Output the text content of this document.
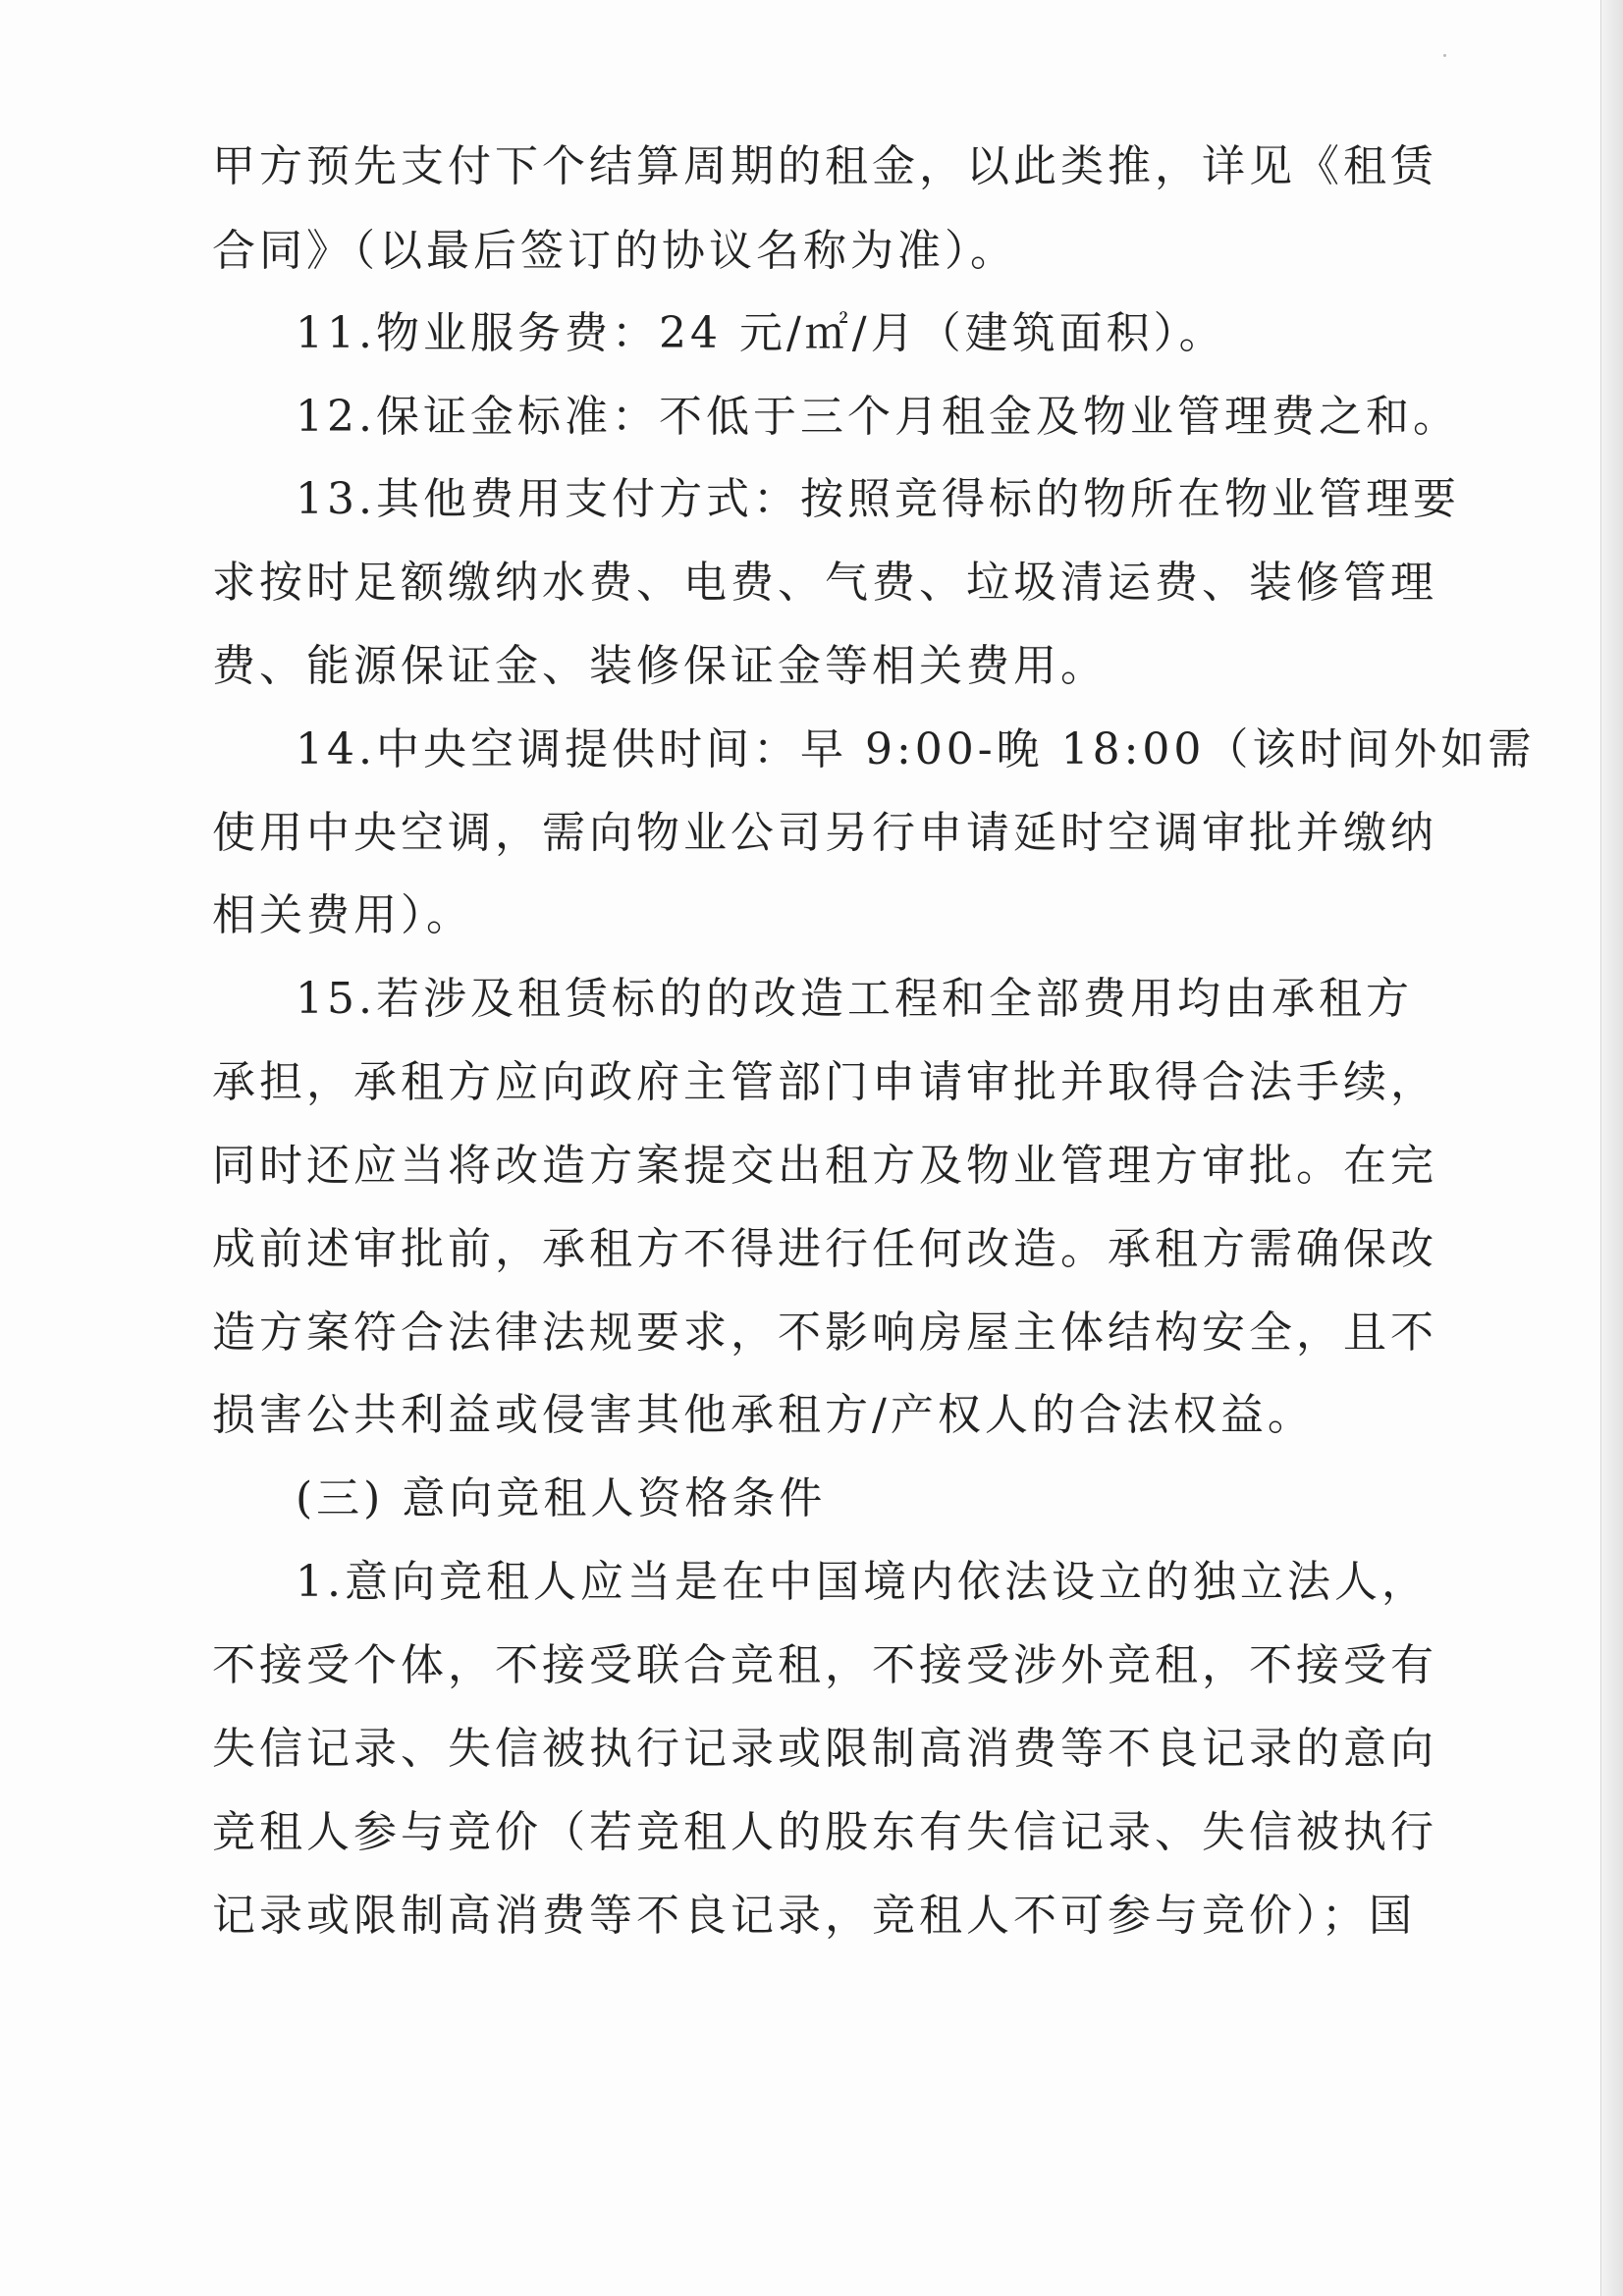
甲方预先支付下个结算周期的租金，以此类推，详见《租赁
合同》（以最后签订的协议名称为准）。
11.物业服务费：24 元/㎡/月（建筑面积）。
12.保证金标准：不低于三个月租金及物业管理费之和。
13.其他费用支付方式：按照竞得标的物所在物业管理要
求按时足额缴纳水费、电费、气费、垃圾清运费、装修管理
费、能源保证金、装修保证金等相关费用。
14.中央空调提供时间：早 9:00-晚 18:00（该时间外如需
使用中央空调，需向物业公司另行申请延时空调审批并缴纳
相关费用）。
15.若涉及租赁标的的改造工程和全部费用均由承租方
承担，承租方应向政府主管部门申请审批并取得合法手续，
同时还应当将改造方案提交出租方及物业管理方审批。在完
成前述审批前，承租方不得进行任何改造。承租方需确保改
造方案符合法律法规要求，不影响房屋主体结构安全，且不
损害公共利益或侵害其他承租方/产权人的合法权益。
(三) 意向竞租人资格条件
1.意向竞租人应当是在中国境内依法设立的独立法人，
不接受个体，不接受联合竞租，不接受涉外竞租，不接受有
失信记录、失信被执行记录或限制高消费等不良记录的意向
竞租人参与竞价（若竞租人的股东有失信记录、失信被执行
记录或限制高消费等不良记录，竞租人不可参与竞价）；国
